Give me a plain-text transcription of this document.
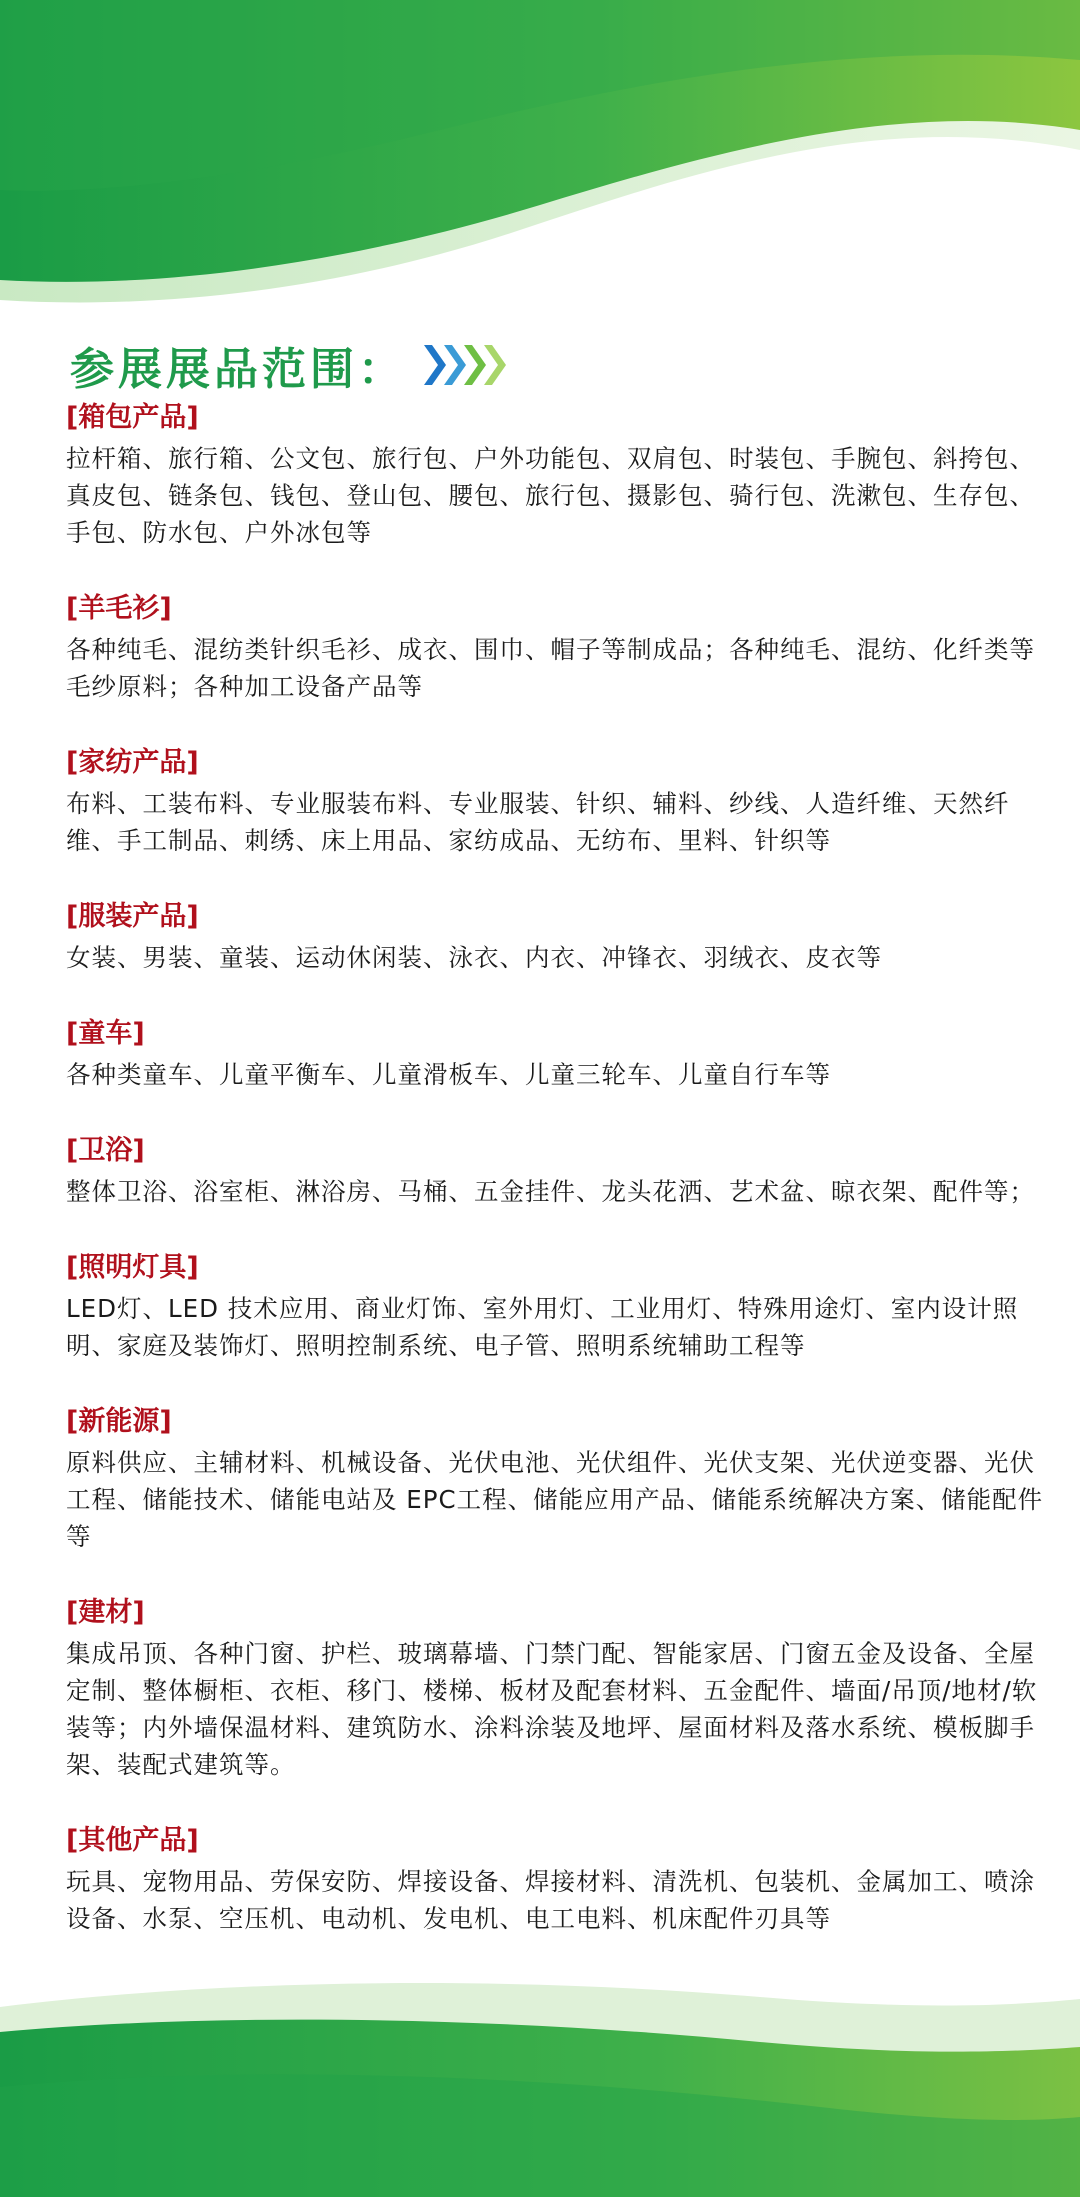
参展展品范围：
[箱包产品]
拉杆箱、旅行箱、公文包、旅行包、户外功能包、双肩包、时装包、手腕包、斜挎包、真皮包、链条包、钱包、登山包、腰包、旅行包、摄影包、骑行包、洗漱包、生存包、手包、防水包、户外冰包等
[羊毛衫]
各种纯毛、混纺类针织毛衫、成衣、围巾、帽子等制成品；各种纯毛、混纺、化纤类等毛纱原料；各种加工设备产品等
[家纺产品]
布料、工装布料、专业服装布料、专业服装、针织、辅料、纱线、人造纤维、天然纤维、手工制品、刺绣、床上用品、家纺成品、无纺布、里料、针织等
[服装产品]
女装、男装、童装、运动休闲装、泳衣、内衣、冲锋衣、羽绒衣、皮衣等
[童车]
各种类童车、儿童平衡车、儿童滑板车、儿童三轮车、儿童自行车等
[卫浴]
整体卫浴、浴室柜、淋浴房、马桶、五金挂件、龙头花洒、艺术盆、晾衣架、配件等；
[照明灯具]
LED灯、LED 技术应用、商业灯饰、室外用灯、工业用灯、特殊用途灯、室内设计照明、家庭及装饰灯、照明控制系统、电子管、照明系统辅助工程等
[新能源]
原料供应、主辅材料、机械设备、光伏电池、光伏组件、光伏支架、光伏逆变器、光伏工程、储能技术、储能电站及 EPC工程、储能应用产品、储能系统解决方案、储能配件等
[建材]
集成吊顶、各种门窗、护栏、玻璃幕墙、门禁门配、智能家居、门窗五金及设备、全屋定制、整体橱柜、衣柜、移门、楼梯、板材及配套材料、五金配件、墙面/吊顶/地材/软装等；内外墙保温材料、建筑防水、涂料涂装及地坪、屋面材料及落水系统、模板脚手架、装配式建筑等。
[其他产品]
玩具、宠物用品、劳保安防、焊接设备、焊接材料、清洗机、包装机、金属加工、喷涂设备、水泵、空压机、电动机、发电机、电工电料、机床配件刃具等
